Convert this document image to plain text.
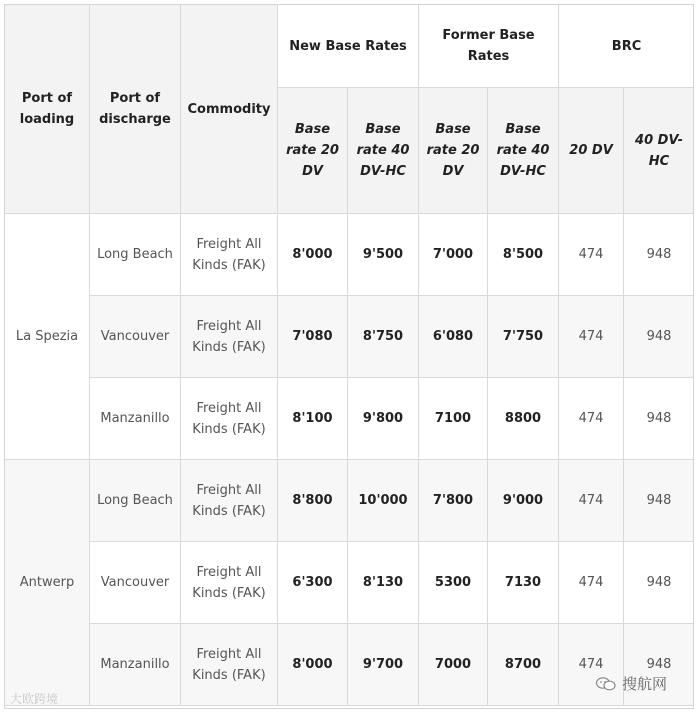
Port of loading	Port of discharge	Commodity	New Base Rates		Former Base Rates		BRC	
			Base rate 20 DV	Base rate 40 DV-HC	Base rate 20 DV	Base rate 40 DV-HC	20 DV	40 DV-HC
La Spezia	Long Beach	Freight All Kinds (FAK)	8'000	9'500	7'000	8'500	474	948
	Vancouver	Freight All Kinds (FAK)	7'080	8'750	6'080	7'750	474	948
	Manzanillo	Freight All Kinds (FAK)	8'100	9'800	7100	8800	474	948
Antwerp	Long Beach	Freight All Kinds (FAK)	8'800	10'000	7'800	9'000	474	948
	Vancouver	Freight All Kinds (FAK)	6'300	8'130	5300	7130	474	948
	Manzanillo	Freight All Kinds (FAK)	8'000	9'700	7000	8700	474	948
大欧跨境
搜航网
